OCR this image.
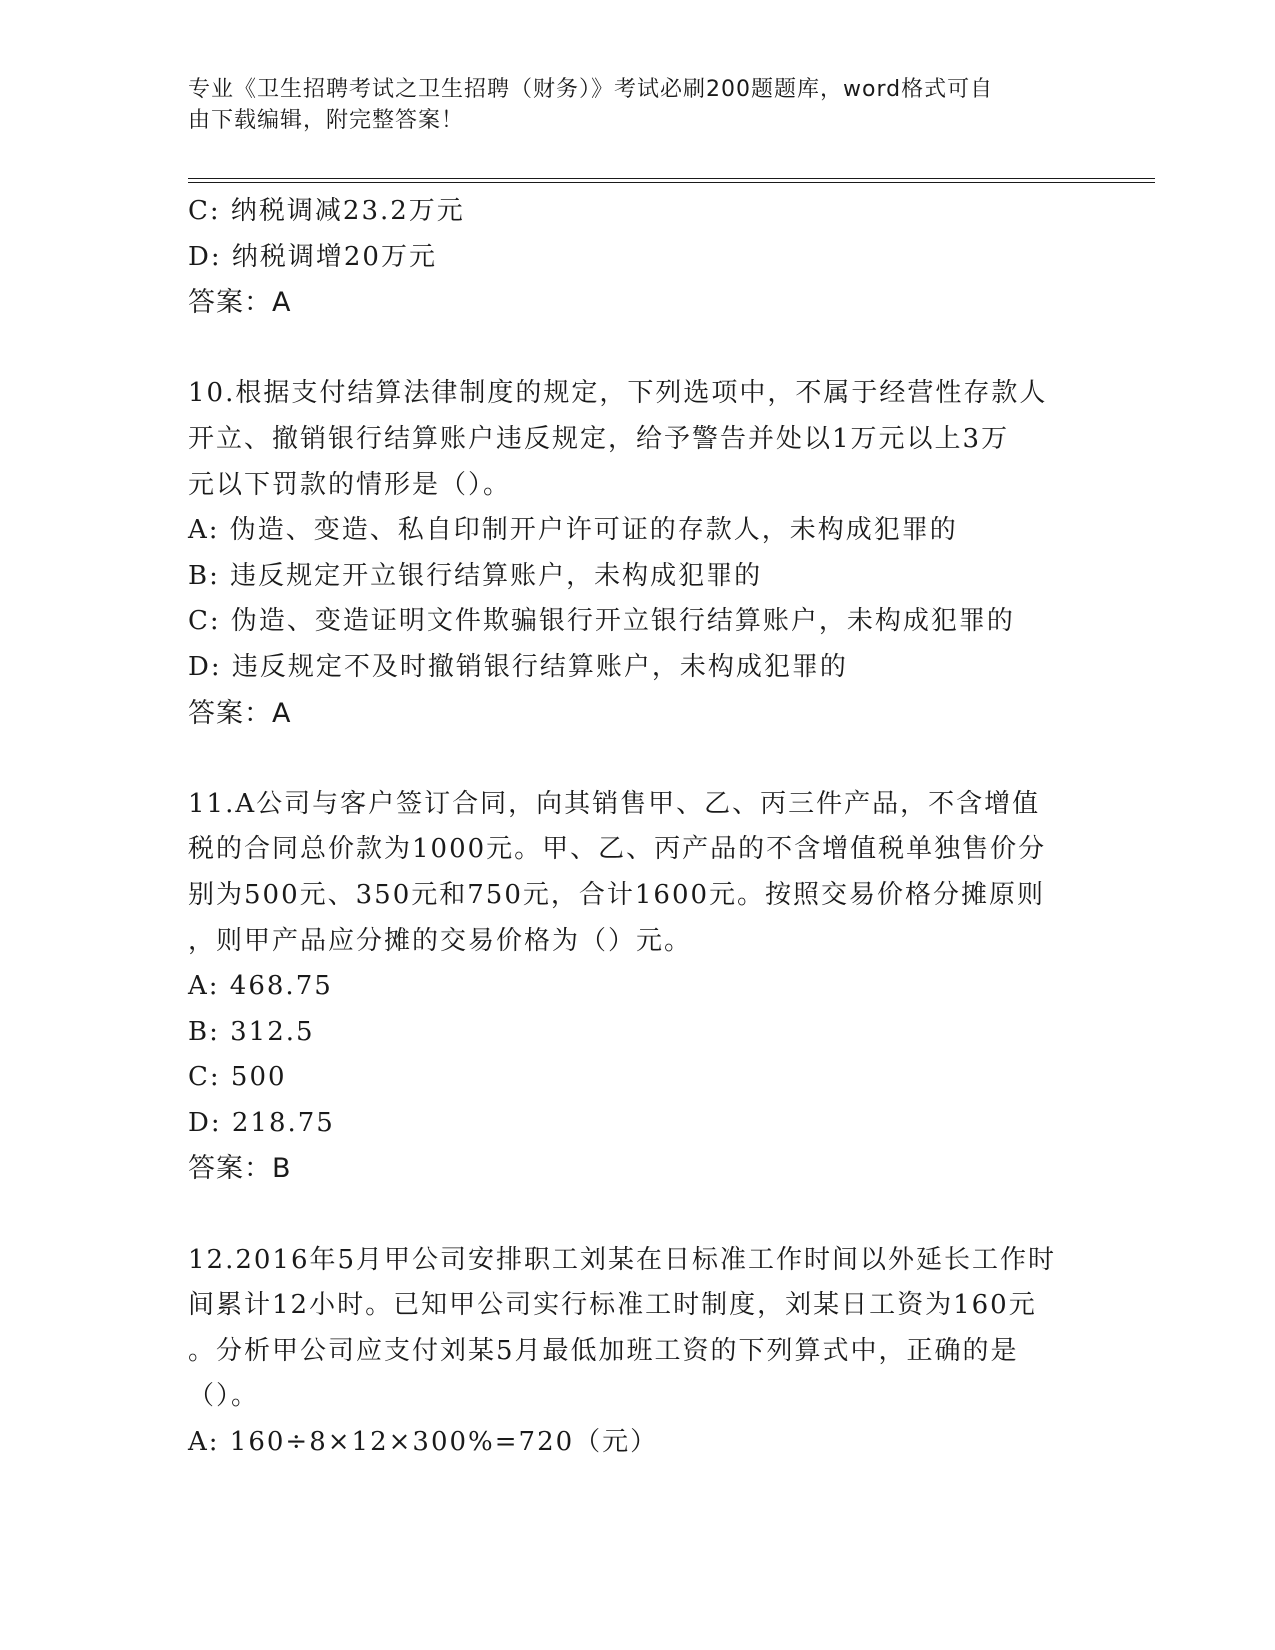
专业《卫生招聘考试之卫生招聘（财务）》考试必刷200题题库，word格式可自
由下载编辑，附完整答案！
C: 纳税调减23.2万元
D: 纳税调增20万元
答案：A
10.根据支付结算法律制度的规定，下列选项中，不属于经营性存款人
开立、撤销银行结算账户违反规定，给予警告并处以1万元以上3万
元以下罚款的情形是（）。
A: 伪造、变造、私自印制开户许可证的存款人，未构成犯罪的
B: 违反规定开立银行结算账户，未构成犯罪的
C: 伪造、变造证明文件欺骗银行开立银行结算账户，未构成犯罪的
D: 违反规定不及时撤销银行结算账户，未构成犯罪的
答案：A
11.A公司与客户签订合同，向其销售甲、乙、丙三件产品，不含增值
税的合同总价款为1000元。甲、乙、丙产品的不含增值税单独售价分
别为500元、350元和750元，合计1600元。按照交易价格分摊原则
，则甲产品应分摊的交易价格为（）元。
A: 468.75
B: 312.5
C: 500
D: 218.75
答案：B
12.2016年5月甲公司安排职工刘某在日标准工作时间以外延长工作时
间累计12小时。已知甲公司实行标准工时制度，刘某日工资为160元
。分析甲公司应支付刘某5月最低加班工资的下列算式中，正确的是
（）。
A: 160÷8×12×300%=720（元）
